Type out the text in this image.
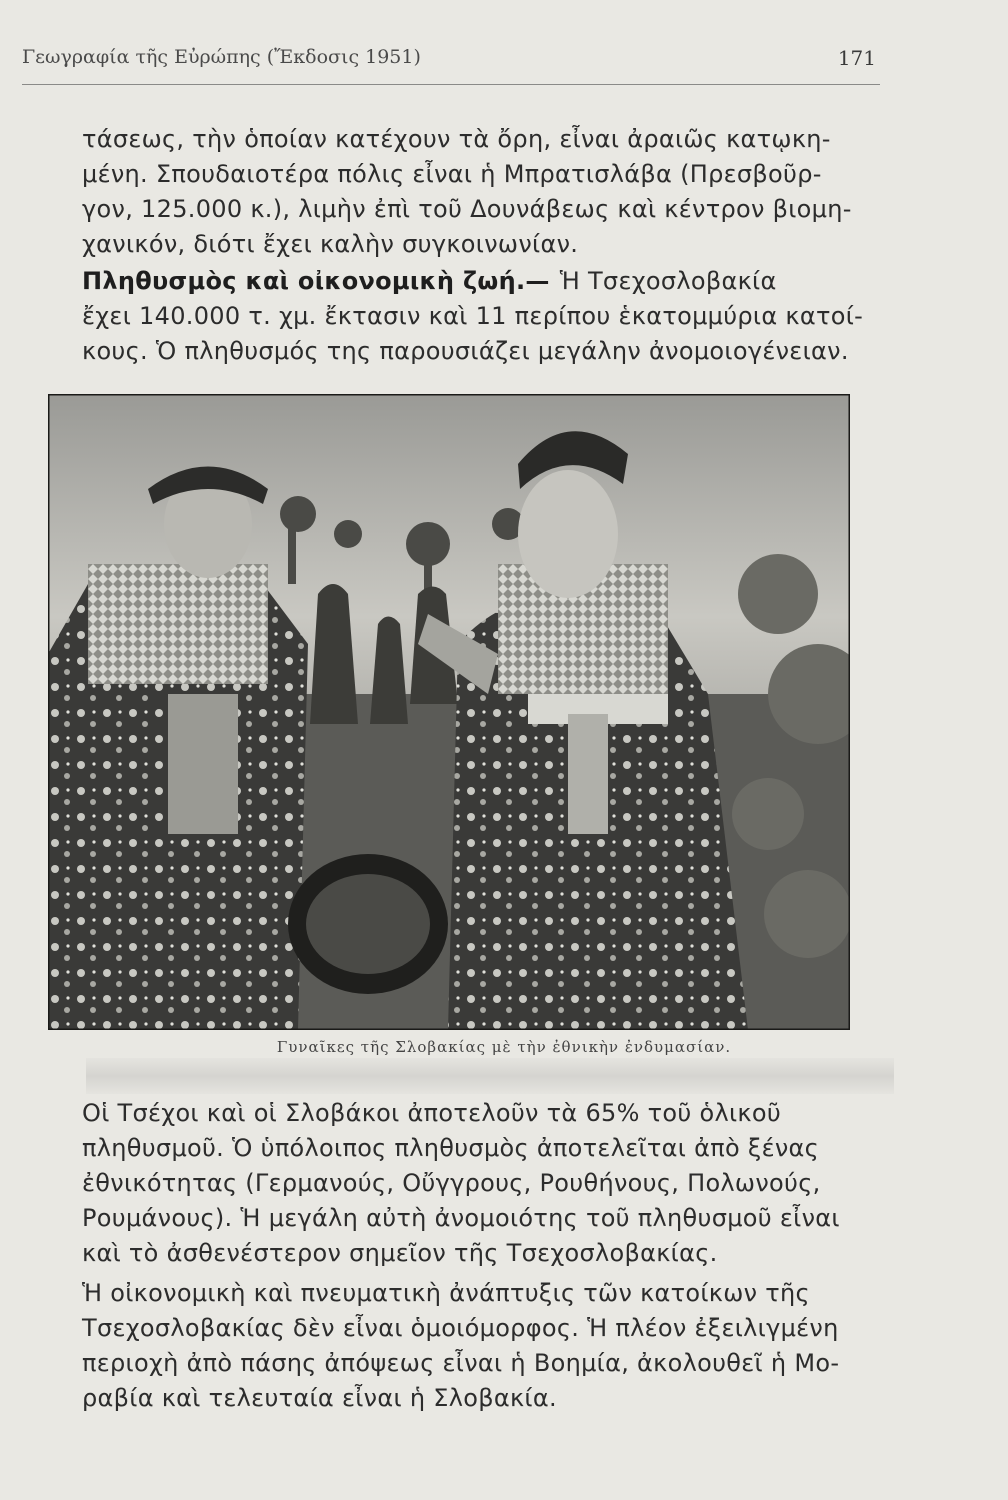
Γεωγραφία τῆς Εὐρώπης (Ἔκδοσις 1951)	171
τάσεως, τὴν ὁποίαν κατέχουν τὰ ὄρη, εἶναι ἀραιῶς κατῳκη-
μένη. Σπουδαιοτέρα πόλις εἶναι ἡ Μπρατισλάβα (Πρεσβοῦρ-
γον, 125.000 κ.), λιμὴν ἐπὶ τοῦ Δουνάβεως καὶ κέντρον βιομη-
χανικόν, διότι ἔχει καλὴν συγκοινωνίαν.
Πληθυσμὸς καὶ οἰκονομικὴ ζωή.— Ἡ Τσεχοσλοβακία
ἔχει 140.000 τ. χμ. ἔκτασιν καὶ 11 περίπου ἑκατομμύρια κατοί-
κους. Ὁ πληθυσμός της παρουσιάζει μεγάλην ἀνομοιογένειαν.
Γυναῖκες τῆς Σλοβακίας μὲ τὴν ἐθνικὴν ἐνδυμασίαν.
Οἱ Τσέχοι καὶ οἱ Σλοβάκοι ἀποτελοῦν τὰ 65% τοῦ ὁλικοῦ
πληθυσμοῦ. Ὁ ὑπόλοιπος πληθυσμὸς ἀποτελεῖται ἀπὸ ξένας
ἐθνικότητας (Γερμανούς, Οὔγγρους, Ρουθήνους, Πολωνούς,
Ρουμάνους). Ἡ μεγάλη αὐτὴ ἀνομοιότης τοῦ πληθυσμοῦ εἶναι
καὶ τὸ ἀσθενέστερον σημεῖον τῆς Τσεχοσλοβακίας.
Ἡ οἰκονομικὴ καὶ πνευματικὴ ἀνάπτυξις τῶν κατοίκων τῆς
Τσεχοσλοβακίας δὲν εἶναι ὁμοιόμορφος. Ἡ πλέον ἐξειλιγμένη
περιοχὴ ἀπὸ πάσης ἀπόψεως εἶναι ἡ Βοημία, ἀκολουθεῖ ἡ Μο-
ραβία καὶ τελευταία εἶναι ἡ Σλοβακία.
